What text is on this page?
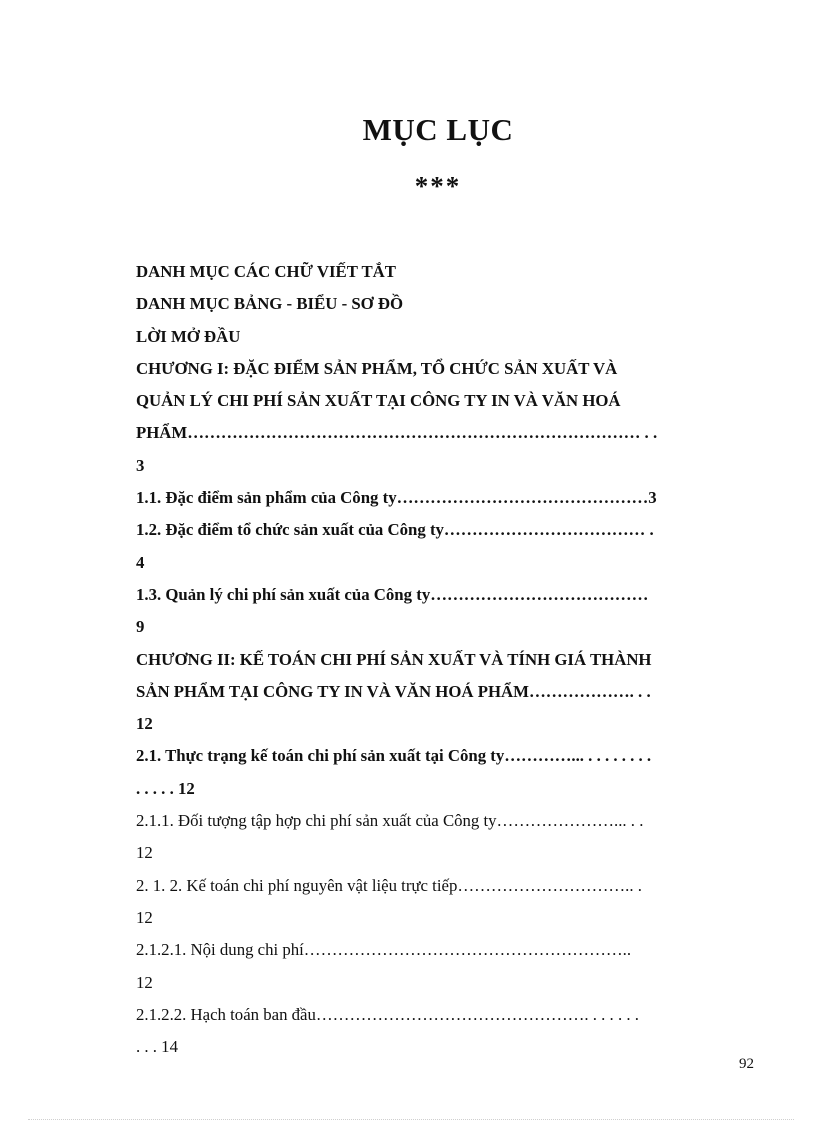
MỤC LỤC
***
DANH MỤC CÁC CHỮ VIẾT TẮT
DANH MỤC BẢNG - BIỂU - SƠ ĐỒ
LỜI MỞ ĐẦU
CHƯƠNG I: ĐẶC ĐIỂM SẢN PHẨM, TỔ CHỨC SẢN XUẤT VÀ
QUẢN LÝ CHI PHÍ SẢN XUẤT TẠI CÔNG TY IN VÀ VĂN HOÁ
PHẨM……………………………………………………………………… . .
3
1.1. Đặc điểm sản phẩm của Công ty………………………………………3
1.2. Đặc điểm tổ chức sản xuất của Công ty……………………………… .
4
1.3. Quản lý chi phí sản xuất của Công ty…………………………………
9
CHƯƠNG II: KẾ TOÁN CHI PHÍ SẢN XUẤT VÀ TÍNH GIÁ THÀNH
SẢN PHẨM TẠI CÔNG TY IN VÀ VĂN HOÁ PHẨM………………. . .
12
2.1. Thực trạng kế toán chi phí sản xuất tại Công ty…………... . . . . . . . .
. . . . . 12
2.1.1. Đối tượng tập hợp chi phí sản xuất của Công ty…………………... . .
12
2. 1. 2. Kế toán chi phí nguyên vật liệu trực tiếp………………………….. .
12
2.1.2.1. Nội dung chi phí…………………………………………………..
12
2.1.2.2. Hạch toán ban đầu…………………………………………. . . . . . .
. . . 14
92
